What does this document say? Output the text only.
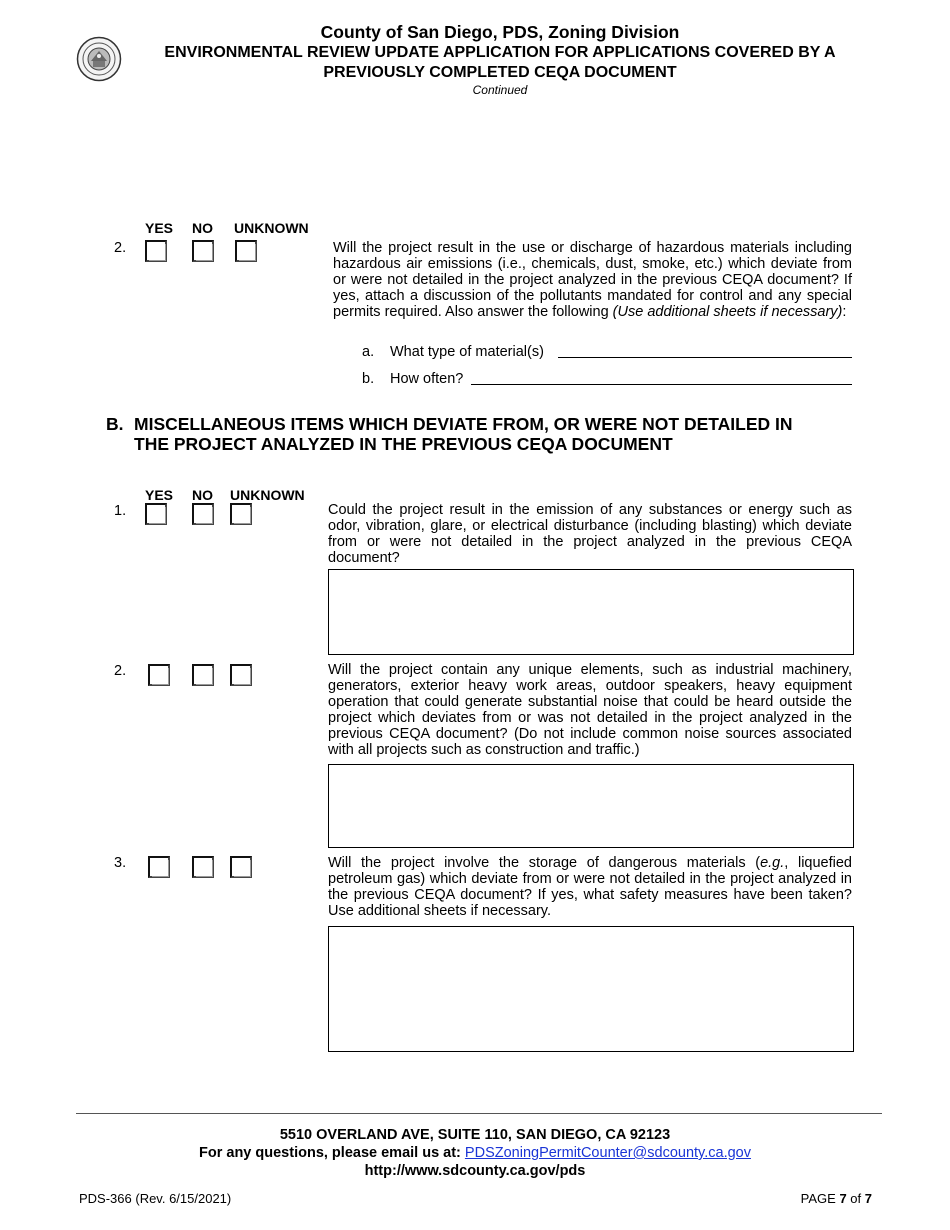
County of San Diego, PDS, Zoning Division
ENVIRONMENTAL REVIEW UPDATE APPLICATION FOR APPLICATIONS COVERED BY A
PREVIOUSLY COMPLETED CEQA DOCUMENT
Continued
YES NO UNKNOWN
2.	Will the project result in the use or discharge of hazardous materials including hazardous air emissions (i.e., chemicals, dust, smoke, etc.) which deviate from or were not detailed in the project analyzed in the previous CEQA document? If yes, attach a discussion of the pollutants mandated for control and any special permits required. Also answer the following (Use additional sheets if necessary):
a. What type of material(s)
b. How often?
B. MISCELLANEOUS ITEMS WHICH DEVIATE FROM, OR WERE NOT DETAILED IN
THE PROJECT ANALYZED IN THE PREVIOUS CEQA DOCUMENT
YES NO UNKNOWN
1.	Could the project result in the emission of any substances or energy such as odor, vibration, glare, or electrical disturbance (including blasting) which deviate from or were not detailed in the project analyzed in the previous CEQA document?
2.	Will the project contain any unique elements, such as industrial machinery, generators, exterior heavy work areas, outdoor speakers, heavy equipment operation that could generate substantial noise that could be heard outside the project which deviates from or was not detailed in the project analyzed in the previous CEQA document? (Do not include common noise sources associated with all projects such as construction and traffic.)
3.	Will the project involve the storage of dangerous materials (e.g., liquefied petroleum gas) which deviate from or were not detailed in the project analyzed in the previous CEQA document? If yes, what safety measures have been taken? Use additional sheets if necessary.
5510 OVERLAND AVE, SUITE 110, SAN DIEGO, CA 92123
For any questions, please email us at: PDSZoningPermitCounter@sdcounty.ca.gov
http://www.sdcounty.ca.gov/pds
PDS-366 (Rev. 6/15/2021)	PAGE 7 of 7
